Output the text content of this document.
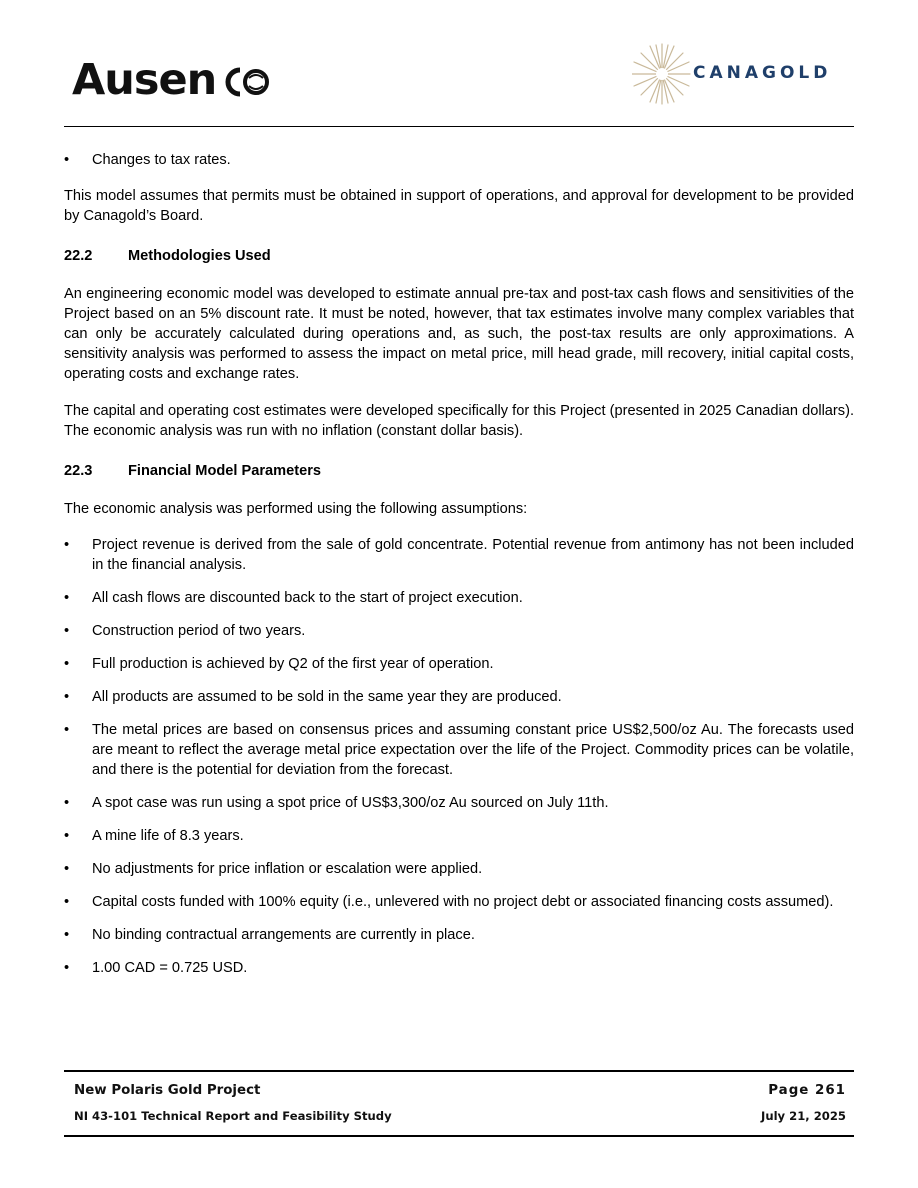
Ausen	CANAGOLD
•	Changes to tax rates.

This model assumes that permits must be obtained in support of operations, and approval for development to be provided by Canagold’s Board.

22.2	Methodologies Used

An engineering economic model was developed to estimate annual pre-tax and post-tax cash flows and sensitivities of the Project based on an 5% discount rate. It must be noted, however, that tax estimates involve many complex variables that can only be accurately calculated during operations and, as such, the post-tax results are only approximations. A sensitivity analysis was performed to assess the impact on metal price, mill head grade, mill recovery, initial capital costs, operating costs and exchange rates.

The capital and operating cost estimates were developed specifically for this Project (presented in 2025 Canadian dollars). The economic analysis was run with no inflation (constant dollar basis).

22.3	Financial Model Parameters

The economic analysis was performed using the following assumptions:

•	Project revenue is derived from the sale of gold concentrate. Potential revenue from antimony has not been included in the financial analysis.
•	All cash flows are discounted back to the start of project execution.
•	Construction period of two years.
•	Full production is achieved by Q2 of the first year of operation.
•	All products are assumed to be sold in the same year they are produced.
•	The metal prices are based on consensus prices and assuming constant price US$2,500/oz Au. The forecasts used are meant to reflect the average metal price expectation over the life of the Project. Commodity prices can be volatile, and there is the potential for deviation from the forecast.
•	A spot case was run using a spot price of US$3,300/oz Au sourced on July 11th.
•	A mine life of 8.3 years.
•	No adjustments for price inflation or escalation were applied.
•	Capital costs funded with 100% equity (i.e., unlevered with no project debt or associated financing costs assumed).
•	No binding contractual arrangements are currently in place.
•	1.00 CAD = 0.725 USD.
New Polaris Gold Project
NI 43-101 Technical Report and Feasibility Study
Page 261
July 21, 2025
